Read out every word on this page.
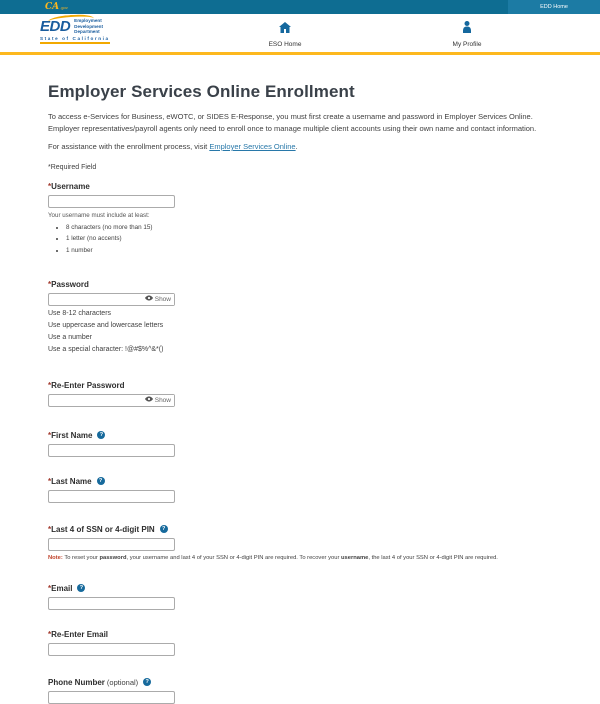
CA .gov	EDD Home
EDD Employment
Development
Department
State of California
ESO Home	My Profile
Employer Services Online Enrollment

To access e-Services for Business, eWOTC, or SIDES E-Response, you must first create a username and password in Employer Services Online. Employer representatives/payroll agents only need to enroll once to manage multiple client accounts using their own name and contact information.

For assistance with the enrollment process, visit Employer Services Online.

*Required Field

* Username
Your username must include at least:
• 8 characters (no more than 15)
• 1 letter (no accents)
• 1 number
* Password
Show
Use 8-12 characters
Use uppercase and lowercase letters
Use a number
Use a special character: !@#$%^&*()
* Re-Enter Password
Show
* First Name	?
* Last Name	?
* Last 4 of SSN or 4-digit PIN	?

Note: To reset your password, your username and last 4 of your SSN or 4-digit PIN are required. To recover your username, the last 4 of your SSN or 4-digit PIN are required.

* Email	?
* Re-Enter Email
Phone Number (optional)	?
